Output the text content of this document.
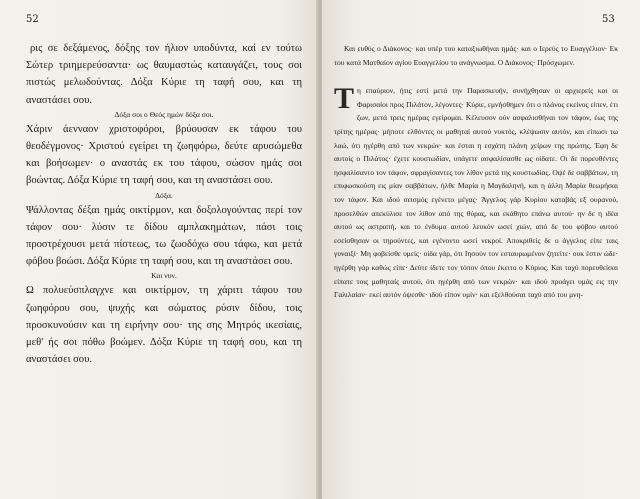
52

ρις σε δεξάμενος, δόξης τον ήλιον υποδύντα, καί εν τούτω Σώτερ τριημερεύσαντα· ως θαυμαστώς καταυγάζει, τους σοι πιστώς μελωδούντας. Δόξα Κύριε τη ταφή σου, και τη αναστάσει σου.

Δόξα σοι ο Θεός ημών δόξα σοι.

Χάριν άενναον χριστοφόροι, βρύουσαν εκ τάφου του θεοδέγμονος· Χριστού εγείρει τη ζωηφόρω, δεύτε αρυσώμεθα και βοήσωμεν· ο αναστάς εκ του τάφου, σώσον ημάς σοι βοώντας. Δόξα Κύριε τη ταφή σου, και τη αναστάσει σου.

Δόξα.

Ψάλλοντας δέξαι ημάς οικτίρμον, και δοξολογούντας περί τον τάφον σου· λύσιν τε δίδου αμπλακημάτων, πάσι τοις προστρέχουσι μετά πίστεως, τω ζωοδόχω σου τάφω, και μετά φόβου βοώσι. Δόξα Κύριε τη ταφή σου, και τη αναστάσει σου.

Και νυν.

Ω πολυεύσπλαγχνε και οικτίρμον, τη χάριτι τάφου του ζωηφόρου σου, ψυχής και σώματος ρύσιν δίδου, τοις προσκυνούσιν και τη ειρήνην σου· της σης Μητρός ικεσίαις, μεθ' ής σοι πόθω βοώμεν. Δόξα Κύριε τη ταφή σου, και τη αναστάσει σου.

53

Και ευθύς ο Διάκονος· και υπέρ του καταξιωθήναι ημάς· και ο Ιερεύς το Ευαγγέλιον· Εκ του κατά Ματθαίον αγίου Ευαγγελίου το ανάγνωσμα. Ο Διάκονος· Πρόσχωμεν.

Τ η επαύριον, ήτις εστί μετά την Παρασκευήν, συνήχθησαν οι αρχιερείς και οι Φαρισαίοι προς Πιλάτον, λέγοντες· Κύριε, εμνήσθημεν ότι ο πλάνος εκείνος είπεν, έτι ζων, μετά τρεις ημέρας εγείρομαι. Κέλευσον ούν ασφαλισθήναι τον τάφον, έως της τρίτης ημέρας· μήποτε ελθόντες οι μαθηταί αυτού νυκτός, κλέψωσιν αυτόν, και είπωσι τω λαώ, ότι ηγέρθη από των νεκρών· και έσται η εσχάτη πλάνη χείρων της πρώτης. Έφη δε αυτοίς ο Πιλάτος· έχετε κουστωδίαν, υπάγετε ασφαλίσασθε ως οίδατε. Οι δε πορευθέντες ησφαλίσαντο τον τάφον, σφραγίσαντες τον λίθον μετά της κουστωδίας. Οψέ δε σαββάτων, τη επιφωσκούση εις μίαν σαββάτων, ήλθε Μαρία η Μαγδαληνή, και η άλλη Μαρία θεωρήσαι τον τάφον. Και ιδού σεισμός εγένετο μέγας· Άγγελος γάρ Κυρίου καταβάς εξ ουρανού, προσελθών απεκύλισε τον λίθον από της θύρας, και εκάθητο επάνω αυτού· ην δε η ιδέα αυτού ως αστραπή, και το ένδυμα αυτού λευκόν ωσεί χιών, από δε του φόβου αυτού εσείσθησαν οι τηρούντες, και εγένοντο ωσεί νεκροί. Αποκριθείς δε ο άγγελος είπε ταις γυναιξί· Μη φοβείσθε υμείς· οίδα γάρ, ότι Ιησούν τον εσταυρωμένον ζητείτε· ουκ έστιν ώδε· ηγέρθη γάρ καθώς είπε· Δεύτε ίδετε τον τόπον όπου έκειτο ο Κύριος. Και ταχύ πορευθείσαι είπατε τοις μαθηταίς αυτού, ότι ηγέρθη από των νεκρών· και ιδού προάγει υμάς εις την Γαλιλαίαν· εκεί αυτόν όψεσθε· ιδού είπον υμίν· και εξελθούσαι ταχύ από του μνη-
